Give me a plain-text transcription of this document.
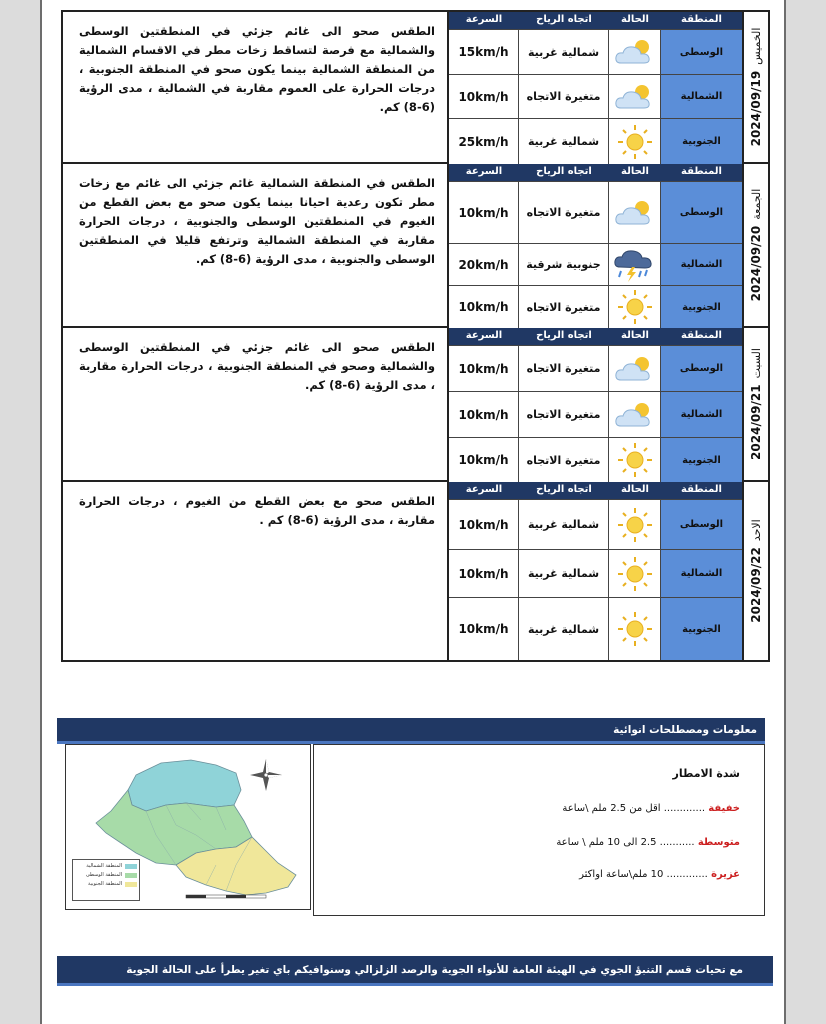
الطقس صحو الى غائم جزئي في المنطقتين الوسطى والشمالية مع فرصة لتساقط زخات مطر في الاقسام الشمالية من المنطقة الشمالية بينما يكون صحو في المنطقة الجنوبية ، درجات الحرارة على العموم مقاربة في الشمالية ، مدى الرؤية (6-8) كم.
السرعة	اتجاه الرياح	الحالة	المنطقة
15km/h	شمالية غربية	الوسطى
10km/h	متغيرة الاتجاه	الشمالية
25km/h	شمالية غربية	الجنوبية
الخميس2024/09/19
الطقس في المنطقة الشمالية غائم جزئي الى غائم مع زخات مطر تكون رعدية احيانا بينما يكون صحو مع بعض القطع من الغيوم في المنطقتين الوسطى والجنوبية ، درجات الحرارة مقاربة في المنطقة الشمالية وترتفع قليلا في المنطقتين الوسطى والجنوبية ، مدى الرؤية (6-8) كم.
السرعة	اتجاه الرياح	الحالة	المنطقة
10km/h	متغيرة الاتجاه	الوسطى
20km/h	جنوبية شرقية	الشمالية
10km/h	متغيرة الاتجاه	الجنوبية
الجمعة2024/09/20
الطقس صحو الى غائم جزئي في المنطقتين الوسطى والشمالية وصحو في المنطقة الجنوبية ، درجات الحرارة مقاربة ، مدى الرؤية (6-8) كم.
السرعة	اتجاه الرياح	الحالة	المنطقة
10km/h	متغيرة الاتجاه	الوسطى
10km/h	متغيرة الاتجاه	الشمالية
10km/h	متغيرة الاتجاه	الجنوبية
السبت2024/09/21
الطقس صحو مع بعض القطع من الغيوم ، درجات الحرارة مقاربة ، مدى الرؤية (6-8) كم .
السرعة	اتجاه الرياح	الحالة	المنطقة
10km/h	شمالية غربية	الوسطى
10km/h	شمالية غربية	الشمالية
10km/h	شمالية غربية	الجنوبية
الاحد2024/09/22
معلومات ومصطلحات انوائية
المنطقة الشمالية
المنطقة الوسطى
المنطقة الجنوبية
شدة الامطار
خفيفة ............. اقل من 2.5 ملم \ساعة
متوسطة ........... 2.5 الى 10 ملم \ ساعة
غزيرة ............. 10 ملم\ساعة اواكثر
مع تحيات قسم التنبؤ الجوي في الهيئة العامة للأنواء الجوية والرصد الزلزالي وسنوافيكم باي تغير يطرأ على الحالة الجوية
